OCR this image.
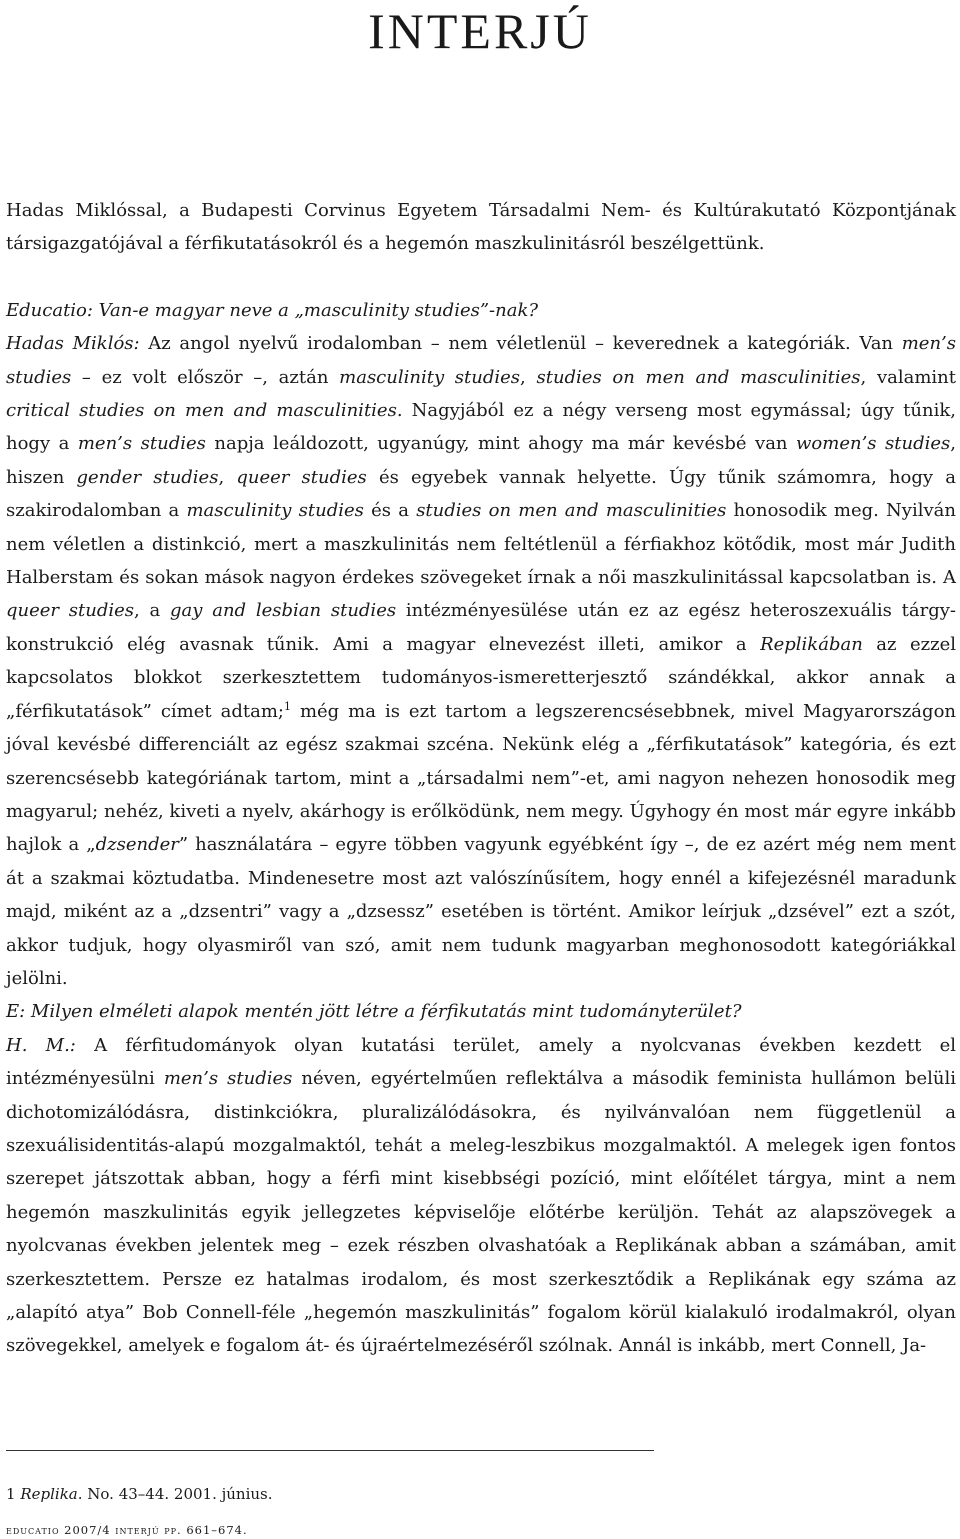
INTERJÚ

Hadas Miklóssal, a Budapesti Corvinus Egyetem Társadalmi Nem- és Kultúrakutató Központjának társigazgatójával a férfikutatásokról és a hegemón maszkulinitásról beszélgettünk.

Educatio: Van-e magyar neve a „masculinity studies”-nak?

Hadas Miklós: Az angol nyelvű irodalomban – nem véletlenül – keverednek a kategóriák. Van men’s studies – ez volt először –, aztán masculinity studies, studies on men and masculinities, valamint critical studies on men and masculinities. Nagyjából ez a négy verseng most egymással; úgy tűnik, hogy a men’s studies napja leáldozott, ugyanúgy, mint ahogy ma már kevésbé van women’s studies, hiszen gender studies, queer studies és egyebek vannak helyette. Úgy tűnik számomra, hogy a szakirodalomban a masculinity studies és a studies on men and masculinities honosodik meg. Nyilván nem véletlen a distinkció, mert a maszkulinitás nem feltétlenül a férfiakhoz kötődik, most már Judith Halberstam és sokan mások nagyon érdekes szövegeket írnak a női maszkulinitással kapcsolatban is. A queer studies, a gay and lesbian studies intézményesülése után ez az egész heteroszexuális tárgykonstrukció elég avasnak tűnik. Ami a magyar elnevezést illeti, amikor a Replikában az ezzel kapcsolatos blokkot szerkesztettem tudományos-ismeretterjesztő szándékkal, akkor annak a „férfikutatások” címet adtam;$^1$ még ma is ezt tartom a legszerencsésebbnek, mivel Magyarországon jóval kevésbé differenciált az egész szakmai szcéna. Nekünk elég a „férfikutatások” kategória, és ezt szerencsésebb kategóriának tartom, mint a „társadalmi nem”-et, ami nagyon nehezen honosodik meg magyarul; nehéz, kiveti a nyelv, akárhogy is erőlködünk, nem megy. Úgyhogy én most már egyre inkább hajlok a „dzsender” használatára – egyre többen vagyunk egyébként így –, de ez azért még nem ment át a szakmai köztudatba. Mindenesetre most azt valószínűsítem, hogy ennél a kifejezésnél maradunk majd, miként az a „dzsentri” vagy a „dzsessz” esetében is történt. Amikor leírjuk „dzsével” ezt a szót, akkor tudjuk, hogy olyasmiről van szó, amit nem tudunk magyarban meghonosodott kategóriákkal jelölni.

E: Milyen elméleti alapok mentén jött létre a férfikutatás mint tudományterület?

H. M.: A férfitudományok olyan kutatási terület, amely a nyolcvanas években kezdett el intézményesülni men’s studies néven, egyértelműen reflektálva a második feminista hullámon belüli dichotomizálódásra, distinkciókra, pluralizálódásokra, és nyilvánvalóan nem függetlenül a szexuálisidentitás-alapú mozgalmaktól, tehát a meleg-leszbikus mozgalmaktól. A melegek igen fontos szerepet játszottak abban, hogy a férfi mint kisebbségi pozíció, mint előítélet tárgya, mint a nem hegemón maszkulinitás egyik jellegzetes képviselője előtérbe kerüljön. Tehát az alapszövegek a nyolcvanas években jelentek meg – ezek részben olvashatóak a Replikának abban a számában, amit szerkesztettem. Persze ez hatalmas irodalom, és most szerkesztődik a Replikának egy száma az „alapító atya” Bob Connell-féle „hegemón maszkulinitás” fogalom körül kialakuló irodalmakról, olyan szövegekkel, amelyek e fogalom át- és újraértelmezéséről szólnak. Annál is inkább, mert Connell, Ja-

1 Replika. No. 43–44. 2001. június.
educatio 2007/4 interjú pp. 661–674.
